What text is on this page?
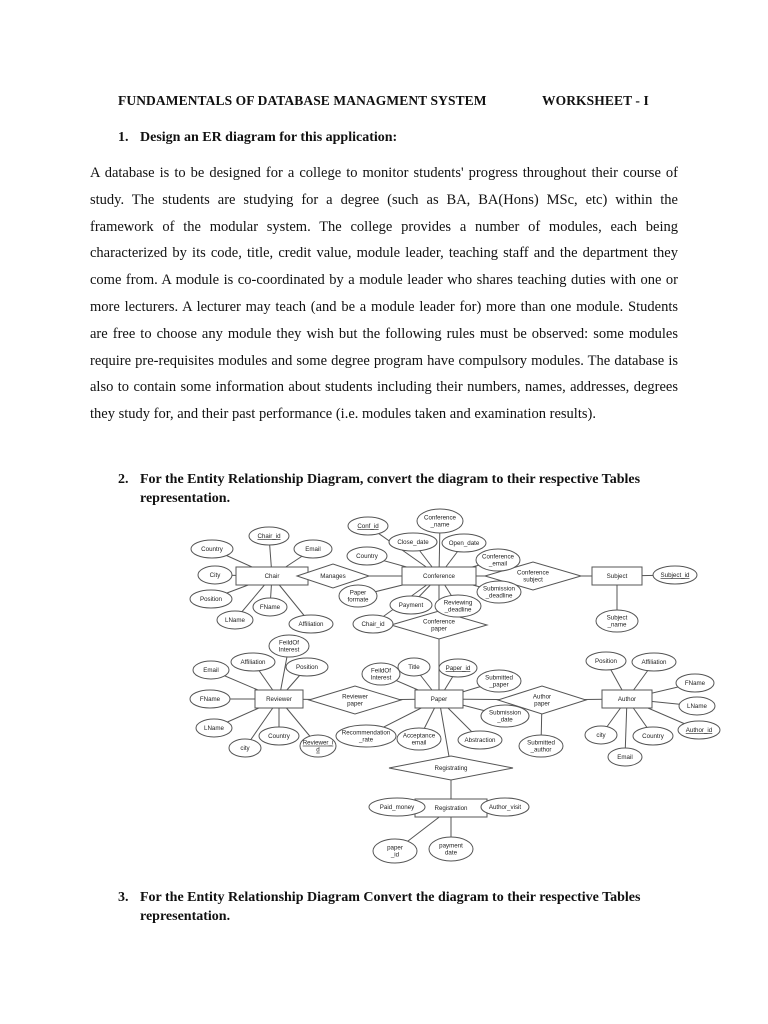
FUNDAMENTALS OF DATABASE MANAGMENT SYSTEM	WORKSHEET - I
1. Design an ER diagram for this application:
A database is to be designed for a college to monitor students' progress throughout their course of study. The students are studying for a degree (such as BA, BA(Hons) MSc, etc) within the framework of the modular system. The college provides a number of modules, each being characterized by its code, title, credit value, module leader, teaching staff and the department they come from. A module is co-coordinated by a module leader who shares teaching duties with one or more lecturers. A lecturer may teach (and be a module leader for) more than one module. Students are free to choose any module they wish but the following rules must be observed: some modules require pre-requisites modules and some degree program have compulsory modules. The database is also to contain some information about students including their numbers, names, addresses, degrees they study for, and their past performance (i.e. modules taken and examination results).
2. For the Entity Relationship Diagram, convert the diagram to their respective Tables representation.
Chair	Conference	Subject
Reviewer	Paper	Author
Registration
Manages	Conference
subject
Conference
paper
Reviewer
paper
Author
paper
Registrating
Chair_id
Email
Country
City
Position
FName
LName
Affiliation
Conf_id
Conference
_name
Close_date	Open_date
Country	Conference
_email
Submission
_deadline
Reviewing
_deadline
Paper
formate
Payment
Chair_id
Subject_id
Subject
_name
FeildOf
Interest
Affiliation
Position
Email
FName
LName
Country
city
Reviewer_i
d
FeildOf
Interest
Title	Paper_id
Submitted
_paper
Submission
_date
Recommendation
_rate
Acceptance
email	Abstraction
Position	Affiliation
FName
LName
Author_id
city	Country
Email
Submitted
_author
Paid_money	Author_visit
paper
_id
payment
date
3. For the Entity Relationship Diagram Convert the diagram to their respective Tables representation.
